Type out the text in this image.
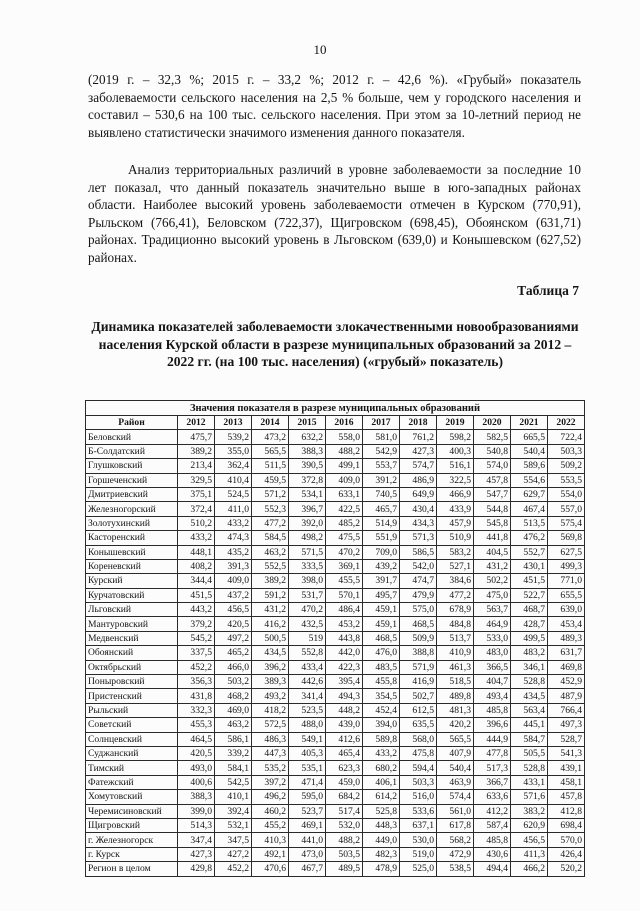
10

(2019 г. – 32,3 %; 2015 г. – 33,2 %; 2012 г. – 42,6 %). «Грубый» показатель заболеваемости сельского населения на 2,5 % больше, чем у городского населения и составил – 530,6 на 100 тыс. сельского населения. При этом за 10-летний период не выявлено статистически значимого изменения данного показателя.

Анализ территориальных различий в уровне заболеваемости за последние 10 лет показал, что данный показатель значительно выше в юго-западных районах области. Наиболее высокий уровень заболеваемости отмечен в Курском (770,91), Рыльском (766,41), Беловском (722,37), Щигровском (698,45), Обоянском (631,71) районах. Традиционно высокий уровень в Льговском (639,0) и Конышевском (627,52) районах.

Таблица 7

Динамика показателей заболеваемости злокачественными новообразованиями населения Курской области в разрезе муниципальных образований за 2012 – 2022 гг. (на 100 тыс. населения) («грубый» показатель)

Значения показателя в разрезе муниципальных образований											
Район	2012	2013	2014	2015	2016	2017	2018	2019	2020	2021	2022
Беловский	475,7	539,2	473,2	632,2	558,0	581,0	761,2	598,2	582,5	665,5	722,4
Б-Солдатский	389,2	355,0	565,5	388,3	488,2	542,9	427,3	400,3	540,8	540,4	503,3
Глушковский	213,4	362,4	511,5	390,5	499,1	553,7	574,7	516,1	574,0	589,6	509,2
Горшеченский	329,5	410,4	459,5	372,8	409,0	391,2	486,9	322,5	457,8	554,6	553,5
Дмитриевский	375,1	524,5	571,2	534,1	633,1	740,5	649,9	466,9	547,7	629,7	554,0
Железногорский	372,4	411,0	552,3	396,7	422,5	465,7	430,4	433,9	544,8	467,4	557,0
Золотухинский	510,2	433,2	477,2	392,0	485,2	514,9	434,3	457,9	545,8	513,5	575,4
Касторенский	433,2	474,3	584,5	498,2	475,5	551,9	571,3	510,9	441,8	476,2	569,8
Конышевский	448,1	435,2	463,2	571,5	470,2	709,0	586,5	583,2	404,5	552,7	627,5
Кореневский	408,2	391,3	552,5	333,5	369,1	439,2	542,0	527,1	431,2	430,1	499,3
Курский	344,4	409,0	389,2	398,0	455,5	391,7	474,7	384,6	502,2	451,5	771,0
Курчатовский	451,5	437,2	591,2	531,7	570,1	495,7	479,9	477,2	475,0	522,7	655,5
Льговский	443,2	456,5	431,2	470,2	486,4	459,1	575,0	678,9	563,7	468,7	639,0
Мантуровский	379,2	420,5	416,2	432,5	453,2	459,1	468,5	484,8	464,9	428,7	453,4
Медвенский	545,2	497,2	500,5	519	443,8	468,5	509,9	513,7	533,0	499,5	489,3
Обоянский	337,5	465,2	434,5	552,8	442,0	476,0	388,8	410,9	483,0	483,2	631,7
Октябрьский	452,2	466,0	396,2	433,4	422,3	483,5	571,9	461,3	366,5	346,1	469,8
Поныровский	356,3	503,2	389,3	442,6	395,4	455,8	416,9	518,5	404,7	528,8	452,9
Пристенский	431,8	468,2	493,2	341,4	494,3	354,5	502,7	489,8	493,4	434,5	487,9
Рыльский	332,3	469,0	418,2	523,5	448,2	452,4	612,5	481,3	485,8	563,4	766,4
Советский	455,3	463,2	572,5	488,0	439,0	394,0	635,5	420,2	396,6	445,1	497,3
Солнцевский	464,5	586,1	486,3	549,1	412,6	589,8	568,0	565,5	444,9	584,7	528,7
Суджанский	420,5	339,2	447,3	405,3	465,4	433,2	475,8	407,9	477,8	505,5	541,3
Тимский	493,0	584,1	535,2	535,1	623,3	680,2	594,4	540,4	517,3	528,8	439,1
Фатежский	400,6	542,5	397,2	471,4	459,0	406,1	503,3	463,9	366,7	433,1	458,1
Хомутовский	388,3	410,1	496,2	595,0	684,2	614,2	516,0	574,4	633,6	571,6	457,8
Черемисиновский	399,0	392,4	460,2	523,7	517,4	525,8	533,6	561,0	412,2	383,2	412,8
Щигровский	514,3	532,1	455,2	469,1	532,0	448,3	637,1	617,8	587,4	620,9	698,4
г. Железногорск	347,4	347,5	410,3	441,0	488,2	449,0	530,0	568,2	485,8	456,5	570,0
г. Курск	427,3	427,2	492,1	473,0	503,5	482,3	519,0	472,9	430,6	411,3	426,4
Регион в целом	429,8	452,2	470,6	467,7	489,5	478,9	525,0	538,5	494,4	466,2	520,2
